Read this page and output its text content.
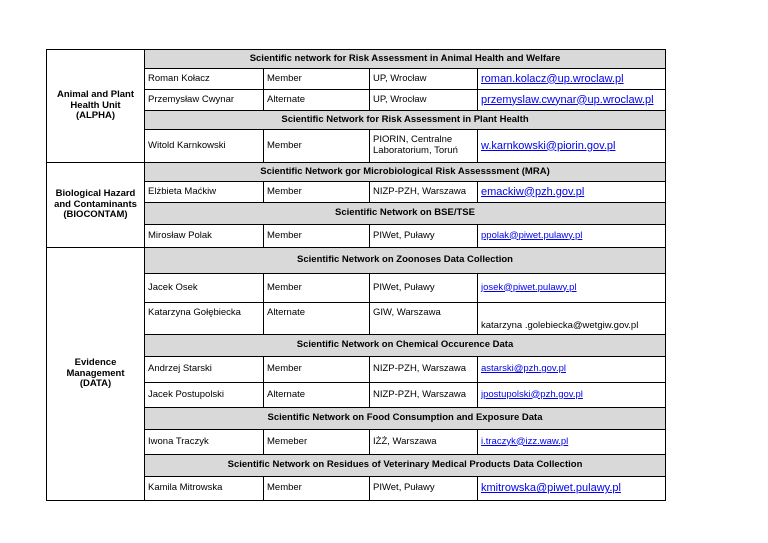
Animal and Plant Health Unit (ALPHA)	Scientific network for Risk Assessment in Animal Health and Welfare			
	Roman Kołacz	Member	UP, Wrocław	roman.kolacz@up.wroclaw.pl
	Przemysław Cwynar	Alternate	UP, Wrocław	przemyslaw.cwynar@up.wroclaw.pl
	Scientific Network for Risk Assessment in Plant Health			
	Witold Karnkowski	Member	PIORIN, Centralne Laboratorium, Toruń	w.karnkowski@piorin.gov.pl
Biological Hazard and Contaminants (BIOCONTAM)	Scientific Network gor Microbiological Risk Assesssment (MRA)			
	Elżbieta Maćkiw	Member	NIZP-PZH, Warszawa	emackiw@pzh.gov.pl
	Scientific Network on BSE/TSE			
	Mirosław Polak	Member	PIWet, Puławy	ppolak@piwet.pulawy.pl
Evidence Management (DATA)	Scientific Network on Zoonoses Data Collection			
	Jacek Osek	Member	PIWet, Puławy	josek@piwet.pulawy.pl
	Katarzyna Gołębiecka	Alternate	GIW, Warszawa	katarzyna .golebiecka@wetgiw.gov.pl
	Scientific Network on Chemical Occurence Data			
	Andrzej Starski	Member	NIZP-PZH, Warszawa	astarski@pzh.gov.pl
	Jacek Postupolski	Alternate	NIZP-PZH, Warszawa	jpostupolski@pzh.gov.pl
	Scientific Network on Food Consumption and Exposure Data			
	Iwona Traczyk	Memeber	IŻŻ, Warszawa	i.traczyk@izz.waw.pl
	Scientific Network on Residues of Veterinary Medical Products Data Collection			
	Kamila Mitrowska	Member	PIWet, Puławy	kmitrowska@piwet.pulawy.pl
